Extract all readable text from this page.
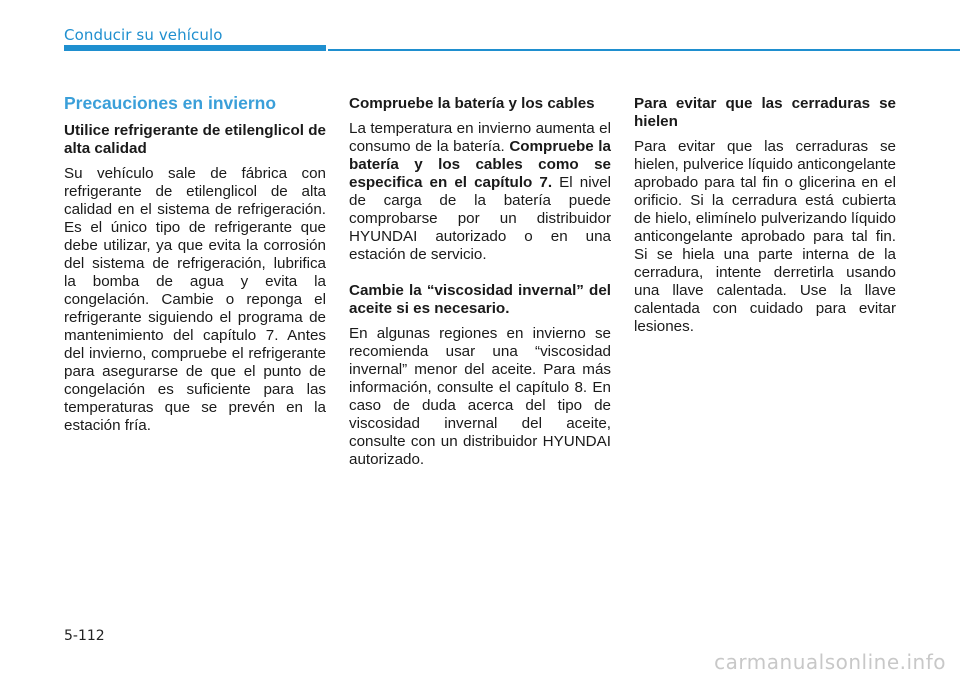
Conducir su vehículo
Precauciones en invierno
Utilice refrigerante de etilenglicol de alta calidad
Su vehículo sale de fábrica con refrigerante de etilenglicol de alta calidad en el sistema de refrigeración. Es el único tipo de refrigerante que debe utilizar, ya que evita la corrosión del sistema de refrigeración, lubrifica la bomba de agua y evita la congelación. Cambie o reponga el refrigerante siguiendo el programa de mantenimiento del capítulo 7. Antes del invierno, compruebe el refrigerante para asegurarse de que el punto de congelación es suficiente para las temperaturas que se prevén en la estación fría.
Compruebe la batería y los cables
La temperatura en invierno aumenta el consumo de la batería. Compruebe la batería y los cables como se especifica en el capítulo 7. El nivel de carga de la batería puede comprobarse por un distribuidor HYUNDAI autorizado o en una estación de servicio.
Cambie la “viscosidad invernal” del aceite si es necesario.
En algunas regiones en invierno se recomienda usar una “viscosidad invernal” menor del aceite. Para más información, consulte el capítulo 8. En caso de duda acerca del tipo de viscosidad invernal del aceite, consulte con un distribuidor HYUNDAI autorizado.
Para evitar que las cerraduras se hielen
Para evitar que las cerraduras se hielen, pulverice líquido anticongelante aprobado para tal fin o glicerina en el orificio. Si la cerradura está cubierta de hielo, elimínelo pulverizando líquido anticongelante aprobado para tal fin. Si se hiela una parte interna de la cerradura, intente derretirla usando una llave calentada. Use la llave calentada con cuidado para evitar lesiones.
5-112
carmanualsonline.info
